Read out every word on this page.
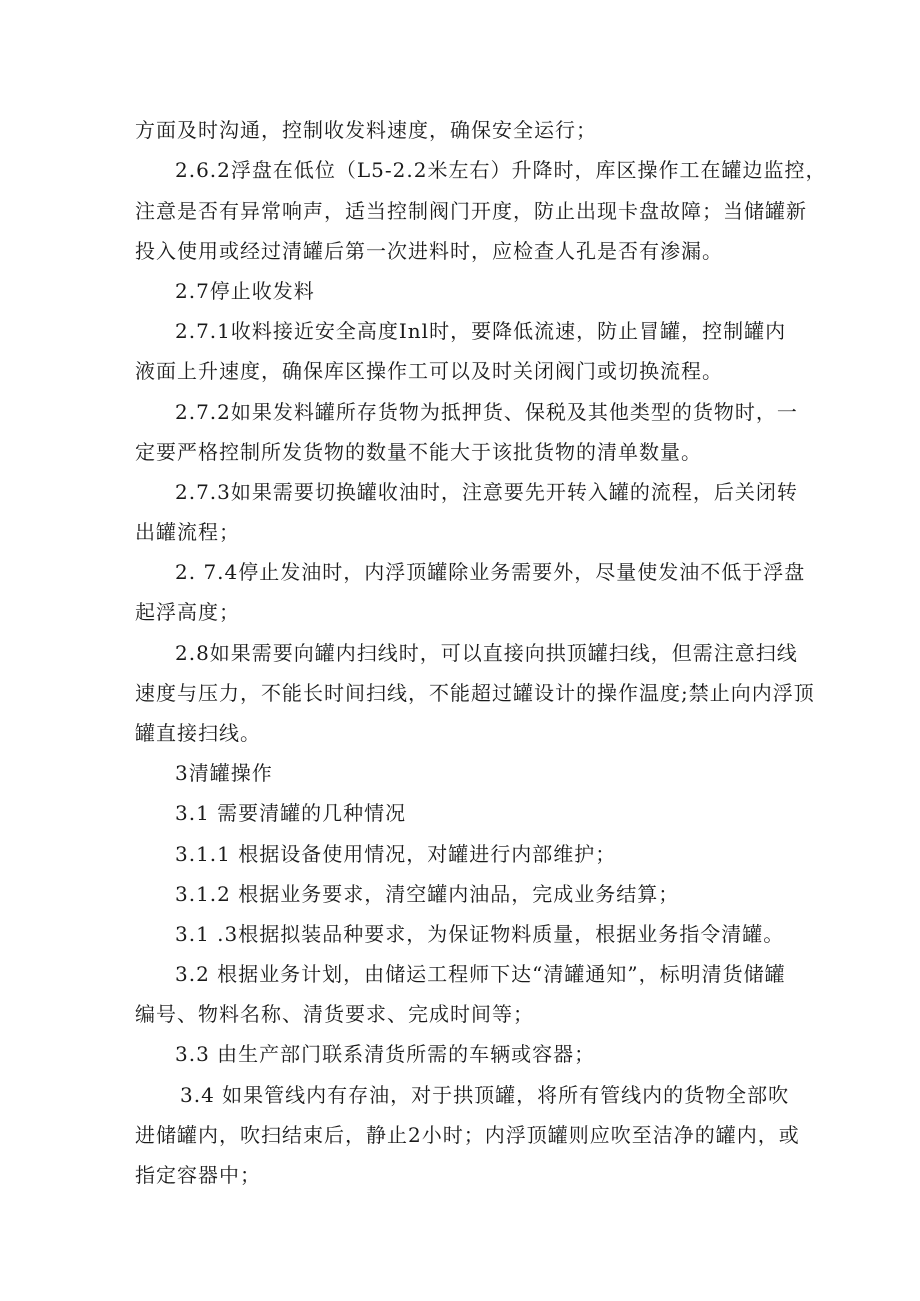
方面及时沟通，控制收发料速度，确保安全运行；
2.6.2浮盘在低位（L5-2.2米左右）升降时，库区操作工在罐边监控，
注意是否有异常响声，适当控制阀门开度，防止出现卡盘故障；当储罐新
投入使用或经过清罐后第一次进料时，应检查人孔是否有渗漏。
2.7停止收发料
2.7.1收料接近安全高度Inl时，要降低流速，防止冒罐，控制罐内
液面上升速度，确保库区操作工可以及时关闭阀门或切换流程。
2.7.2如果发料罐所存货物为抵押货、保税及其他类型的货物时，一
定要严格控制所发货物的数量不能大于该批货物的清单数量。
2.7.3如果需要切换罐收油时，注意要先开转入罐的流程，后关闭转
出罐流程；
2. 7.4停止发油时，内浮顶罐除业务需要外，尽量使发油不低于浮盘
起浮高度；
2.8如果需要向罐内扫线时，可以直接向拱顶罐扫线，但需注意扫线
速度与压力，不能长时间扫线，不能超过罐设计的操作温度;禁止向内浮顶
罐直接扫线。
3清罐操作
3.1 需要清罐的几种情况
3.1.1 根据设备使用情况，对罐进行内部维护；
3.1.2 根据业务要求，清空罐内油品，完成业务结算；
3.1 .3根据拟装品种要求，为保证物料质量，根据业务指令清罐。
3.2 根据业务计划，由储运工程师下达“清罐通知”，标明清货储罐
编号、物料名称、清货要求、完成时间等；
3.3 由生产部门联系清货所需的车辆或容器；
3.4 如果管线内有存油，对于拱顶罐，将所有管线内的货物全部吹
进储罐内，吹扫结束后，静止2小时；内浮顶罐则应吹至洁净的罐内，或
指定容器中；
